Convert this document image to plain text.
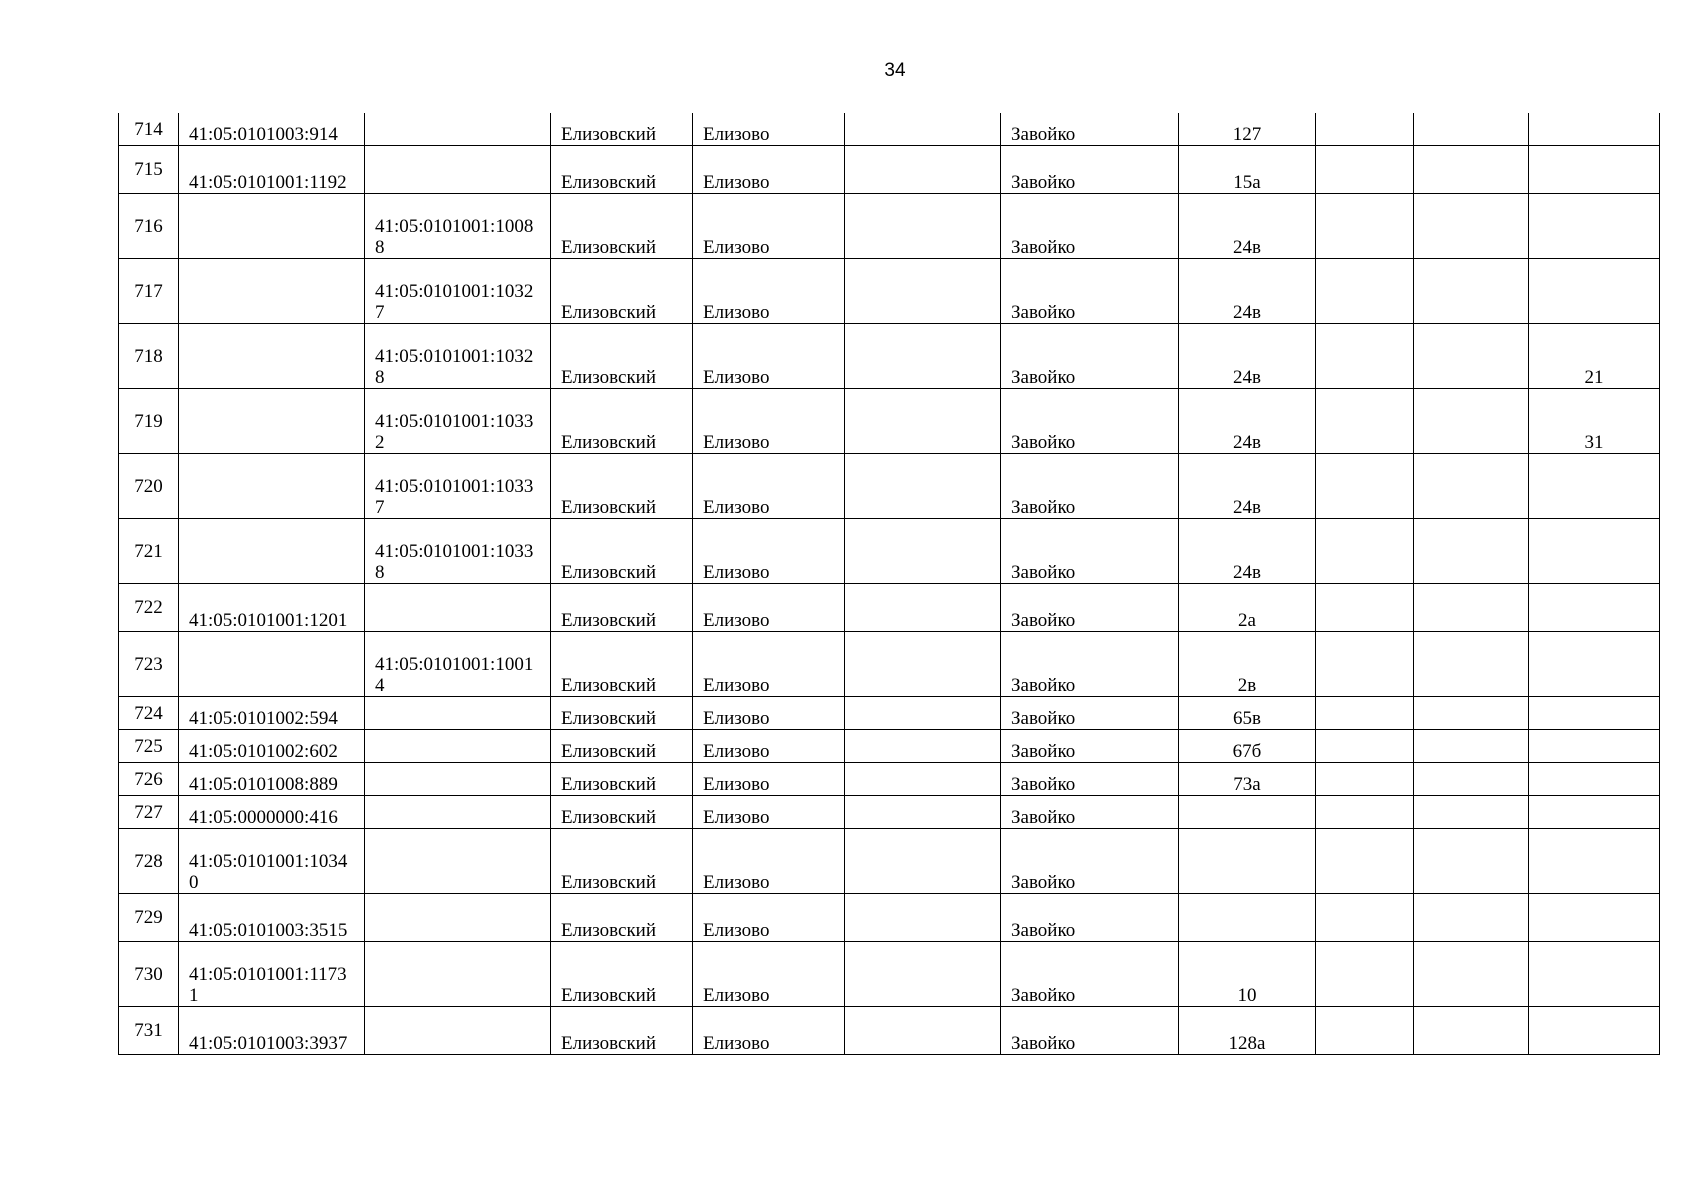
34
714	41:05:0101003:914		Елизовский	Елизово		Завойко	127			
715	41:05:0101001:1192		Елизовский	Елизово		Завойко	15а			
716		41:05:0101001:10088	Елизовский	Елизово		Завойко	24в			
717		41:05:0101001:10327	Елизовский	Елизово		Завойко	24в			
718		41:05:0101001:10328	Елизовский	Елизово		Завойко	24в			21
719		41:05:0101001:10332	Елизовский	Елизово		Завойко	24в			31
720		41:05:0101001:10337	Елизовский	Елизово		Завойко	24в			
721		41:05:0101001:10338	Елизовский	Елизово		Завойко	24в			
722	41:05:0101001:1201		Елизовский	Елизово		Завойко	2а			
723		41:05:0101001:10014	Елизовский	Елизово		Завойко	2в			
724	41:05:0101002:594		Елизовский	Елизово		Завойко	65в			
725	41:05:0101002:602		Елизовский	Елизово		Завойко	67б			
726	41:05:0101008:889		Елизовский	Елизово		Завойко	73а			
727	41:05:0000000:416		Елизовский	Елизово		Завойко				
728	41:05:0101001:10340		Елизовский	Елизово		Завойко				
729	41:05:0101003:3515		Елизовский	Елизово		Завойко				
730	41:05:0101001:11731		Елизовский	Елизово		Завойко	10			
731	41:05:0101003:3937		Елизовский	Елизово		Завойко	128а			
